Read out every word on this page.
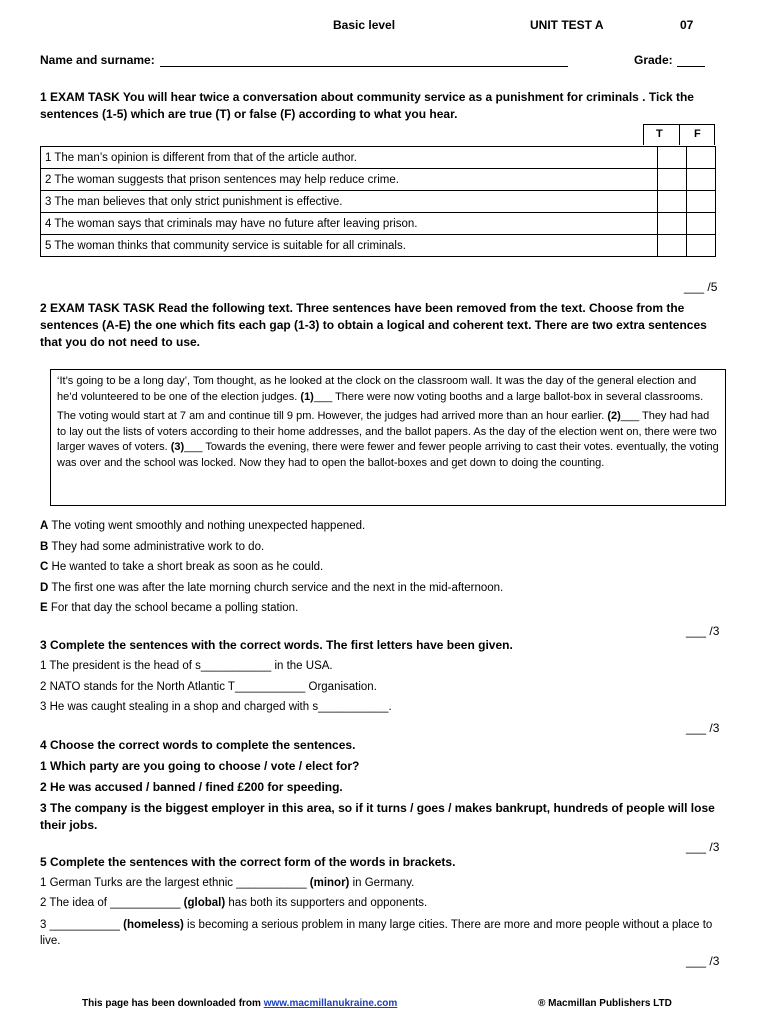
Basic level	UNIT TEST A	07
Name and surname:	Grade:
1 EXAM TASK You will hear twice a conversation about community service as a punishment for criminals . Tick the sentences (1-5) which are true (T) or false (F) according to what you hear.
T	F
1 The man’s opinion is different from that of the article author.		
2 The woman suggests that prison sentences may help reduce crime.		
3 The man believes that only strict punishment is effective.		
4 The woman says that criminals may have no future after leaving prison.		
5 The woman thinks that community service is suitable for all criminals.		
___ /5
2 EXAM TASK TASK Read the following text. Three sentences have been removed from the text. Choose from the sentences (A-E) the one which fits each gap (1-3) to obtain a logical and coherent text. There are two extra sentences that you do not need to use.

‘It’s going to be a long day’, Tom thought, as he looked at the clock on the classroom wall. It was the day of the general election and he’d volunteered to be one of the election judges. (1)___ There were now voting booths and a large ballot-box in several classrooms.

The voting would start at 7 am and continue till 9 pm. However, the judges had arrived more than an hour earlier. (2)___ They had had to lay out the lists of voters according to their home addresses, and the ballot papers. As the day of the election went on, there were two larger waves of voters. (3)___ Towards the evening, there were fewer and fewer people arriving to cast their votes. eventually, the voting was over and the school was locked. Now they had to open the ballot-boxes and get down to doing the counting.

A The voting went smoothly and nothing unexpected happened.
B They had some administrative work to do.
C He wanted to take a short break as soon as he could.
D The first one was after the late morning church service and the next in the mid-afternoon.
E For that day the school became a polling station.
___ /3
3 Complete the sentences with the correct words. The first letters have been given.
1 The president is the head of s___________ in the USA.
2 NATO stands for the North Atlantic T___________ Organisation.
3 He was caught stealing in a shop and charged with s___________.
___ /3
4 Choose the correct words to complete the sentences.
1 Which party are you going to choose / vote / elect for?
2 He was accused / banned / fined £200 for speeding.
3 The company is the biggest employer in this area, so if it turns / goes / makes bankrupt, hundreds of people will lose their jobs.
___ /3
5 Complete the sentences with the correct form of the words in brackets.
1 German Turks are the largest ethnic ___________ (minor) in Germany.
2 The idea of ___________ (global) has both its supporters and opponents.
3 ___________ (homeless) is becoming a serious problem in many large cities. There are more and more people without a place to live.
___ /3
This page has been downloaded from www.macmillanukraine.com	® Macmillan Publishers LTD
